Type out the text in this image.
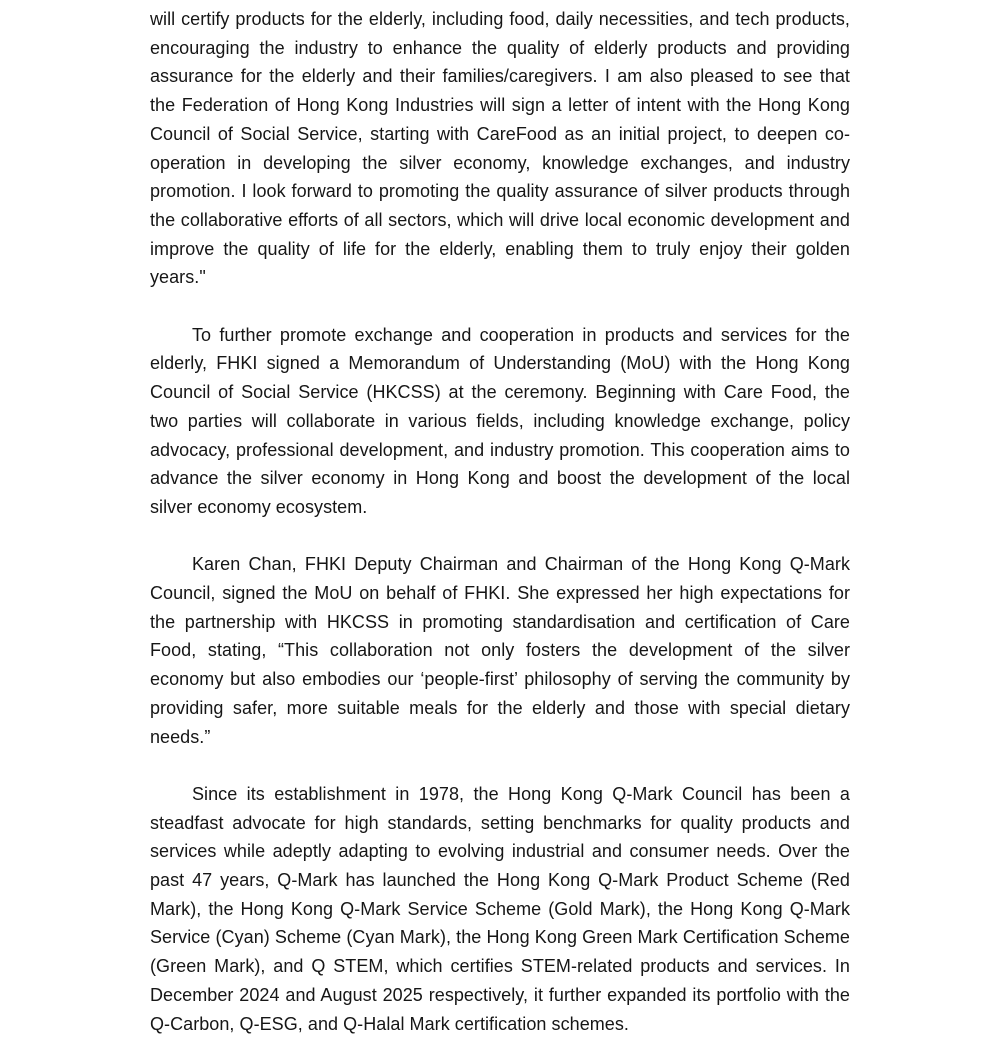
will certify products for the elderly, including food, daily necessities, and tech products, encouraging the industry to enhance the quality of elderly products and providing assurance for the elderly and their families/caregivers. I am also pleased to see that the Federation of Hong Kong Industries will sign a letter of intent with the Hong Kong Council of Social Service, starting with CareFood as an initial project, to deepen co-operation in developing the silver economy, knowledge exchanges, and industry promotion. I look forward to promoting the quality assurance of silver products through the collaborative efforts of all sectors, which will drive local economic development and improve the quality of life for the elderly, enabling them to truly enjoy their golden years."

To further promote exchange and cooperation in products and services for the elderly, FHKI signed a Memorandum of Understanding (MoU) with the Hong Kong Council of Social Service (HKCSS) at the ceremony. Beginning with Care Food, the two parties will collaborate in various fields, including knowledge exchange, policy advocacy, professional development, and industry promotion. This cooperation aims to advance the silver economy in Hong Kong and boost the development of the local silver economy ecosystem.

Karen Chan, FHKI Deputy Chairman and Chairman of the Hong Kong Q-Mark Council, signed the MoU on behalf of FHKI. She expressed her high expectations for the partnership with HKCSS in promoting standardisation and certification of Care Food, stating, “This collaboration not only fosters the development of the silver economy but also embodies our ‘people-first’ philosophy of serving the community by providing safer, more suitable meals for the elderly and those with special dietary needs.”

Since its establishment in 1978, the Hong Kong Q-Mark Council has been a steadfast advocate for high standards, setting benchmarks for quality products and services while adeptly adapting to evolving industrial and consumer needs. Over the past 47 years, Q-Mark has launched the Hong Kong Q-Mark Product Scheme (Red Mark), the Hong Kong Q-Mark Service Scheme (Gold Mark), the Hong Kong Q-Mark Service (Cyan) Scheme (Cyan Mark), the Hong Kong Green Mark Certification Scheme (Green Mark), and Q STEM, which certifies STEM-related products and services. In December 2024 and August 2025 respectively, it further expanded its portfolio with the Q-Carbon, Q-ESG, and Q-Halal Mark certification schemes.
